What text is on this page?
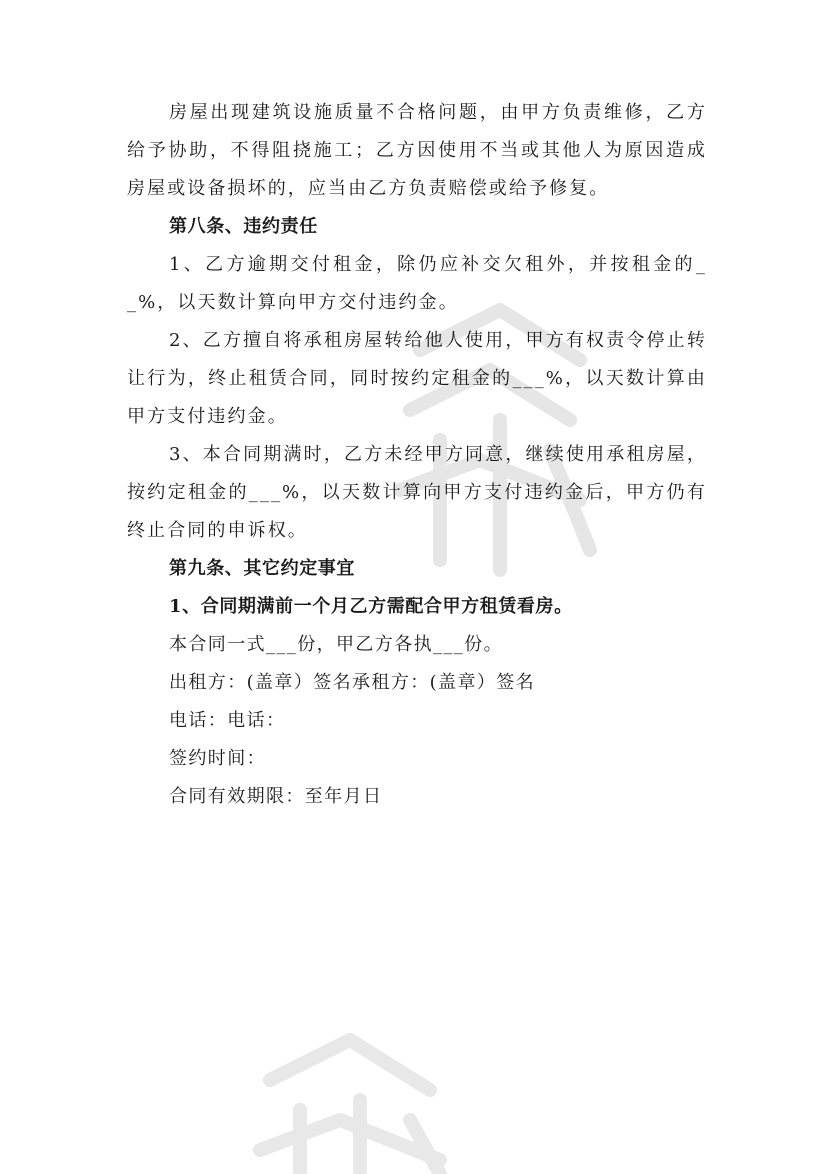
房屋出现建筑设施质量不合格问题，由甲方负责维修，乙方给予协助，不得阻挠施工；乙方因使用不当或其他人为原因造成房屋或设备损坏的，应当由乙方负责赔偿或给予修复。

第八条、违约责任

1、乙方逾期交付租金，除仍应补交欠租外，并按租金的__%，以天数计算向甲方交付违约金。

2、乙方擅自将承租房屋转给他人使用，甲方有权责令停止转让行为，终止租赁合同，同时按约定租金的___%，以天数计算由甲方支付违约金。

3、本合同期满时，乙方未经甲方同意，继续使用承租房屋，按约定租金的___%，以天数计算向甲方支付违约金后，甲方仍有终止合同的申诉权。

第九条、其它约定事宜

1、合同期满前一个月乙方需配合甲方租赁看房。

本合同一式___份，甲乙方各执___份。

出租方：(盖章）签名承租方：(盖章）签名

电话：电话：

签约时间：

合同有效期限：至年月日
